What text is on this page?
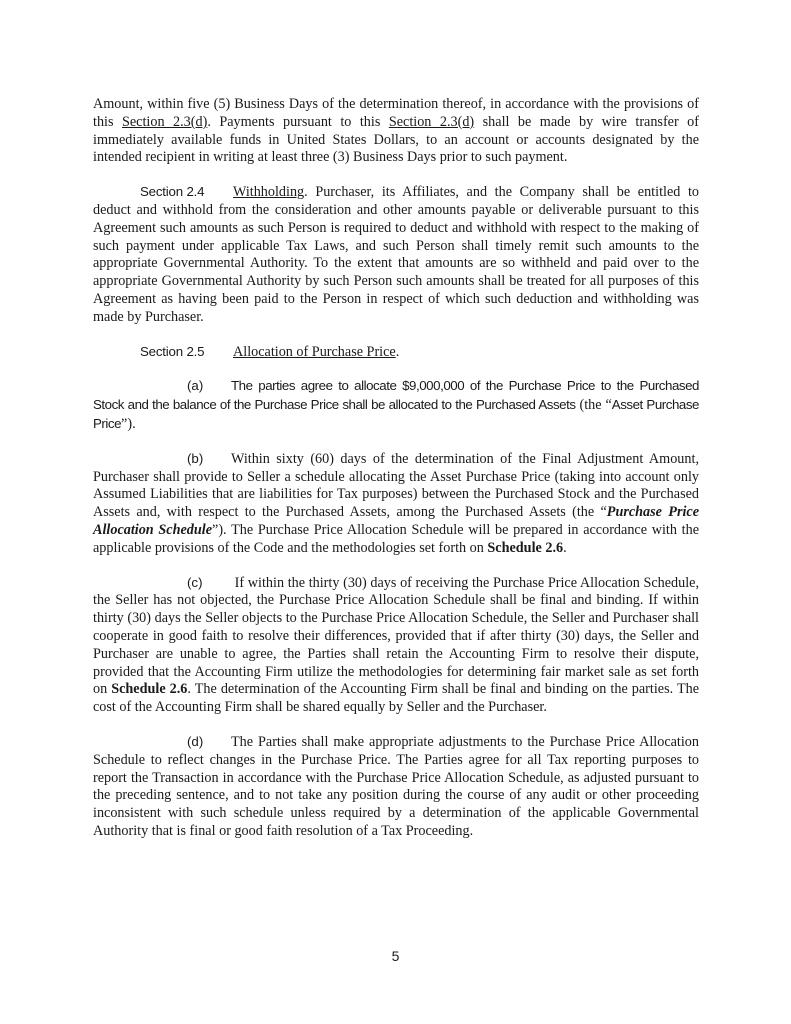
Amount, within five (5) Business Days of the determination thereof, in accordance with the provisions of this Section 2.3(d). Payments pursuant to this Section 2.3(d) shall be made by wire transfer of immediately available funds in United States Dollars, to an account or accounts designated by the intended recipient in writing at least three (3) Business Days prior to such payment.

Section 2.4 Withholding. Purchaser, its Affiliates, and the Company shall be entitled to deduct and withhold from the consideration and other amounts payable or deliverable pursuant to this Agreement such amounts as such Person is required to deduct and withhold with respect to the making of such payment under applicable Tax Laws, and such Person shall timely remit such amounts to the appropriate Governmental Authority. To the extent that amounts are so withheld and paid over to the appropriate Governmental Authority by such Person such amounts shall be treated for all purposes of this Agreement as having been paid to the Person in respect of which such deduction and withholding was made by Purchaser.

Section 2.5 Allocation of Purchase Price.

(a) The parties agree to allocate $9,000,000 of the Purchase Price to the Purchased Stock and the balance of the Purchase Price shall be allocated to the Purchased Assets (the “Asset Purchase Price”).

(b) Within sixty (60) days of the determination of the Final Adjustment Amount, Purchaser shall provide to Seller a schedule allocating the Asset Purchase Price (taking into account only Assumed Liabilities that are liabilities for Tax purposes) between the Purchased Stock and the Purchased Assets and, with respect to the Purchased Assets, among the Purchased Assets (the “Purchase Price Allocation Schedule”). The Purchase Price Allocation Schedule will be prepared in accordance with the applicable provisions of the Code and the methodologies set forth on Schedule 2.6.

(c) If within the thirty (30) days of receiving the Purchase Price Allocation Schedule, the Seller has not objected, the Purchase Price Allocation Schedule shall be final and binding. If within thirty (30) days the Seller objects to the Purchase Price Allocation Schedule, the Seller and Purchaser shall cooperate in good faith to resolve their differences, provided that if after thirty (30) days, the Seller and Purchaser are unable to agree, the Parties shall retain the Accounting Firm to resolve their dispute, provided that the Accounting Firm utilize the methodologies for determining fair market sale as set forth on Schedule 2.6. The determination of the Accounting Firm shall be final and binding on the parties. The cost of the Accounting Firm shall be shared equally by Seller and the Purchaser.

(d) The Parties shall make appropriate adjustments to the Purchase Price Allocation Schedule to reflect changes in the Purchase Price. The Parties agree for all Tax reporting purposes to report the Transaction in accordance with the Purchase Price Allocation Schedule, as adjusted pursuant to the preceding sentence, and to not take any position during the course of any audit or other proceeding inconsistent with such schedule unless required by a determination of the applicable Governmental Authority that is final or good faith resolution of a Tax Proceeding.

5
